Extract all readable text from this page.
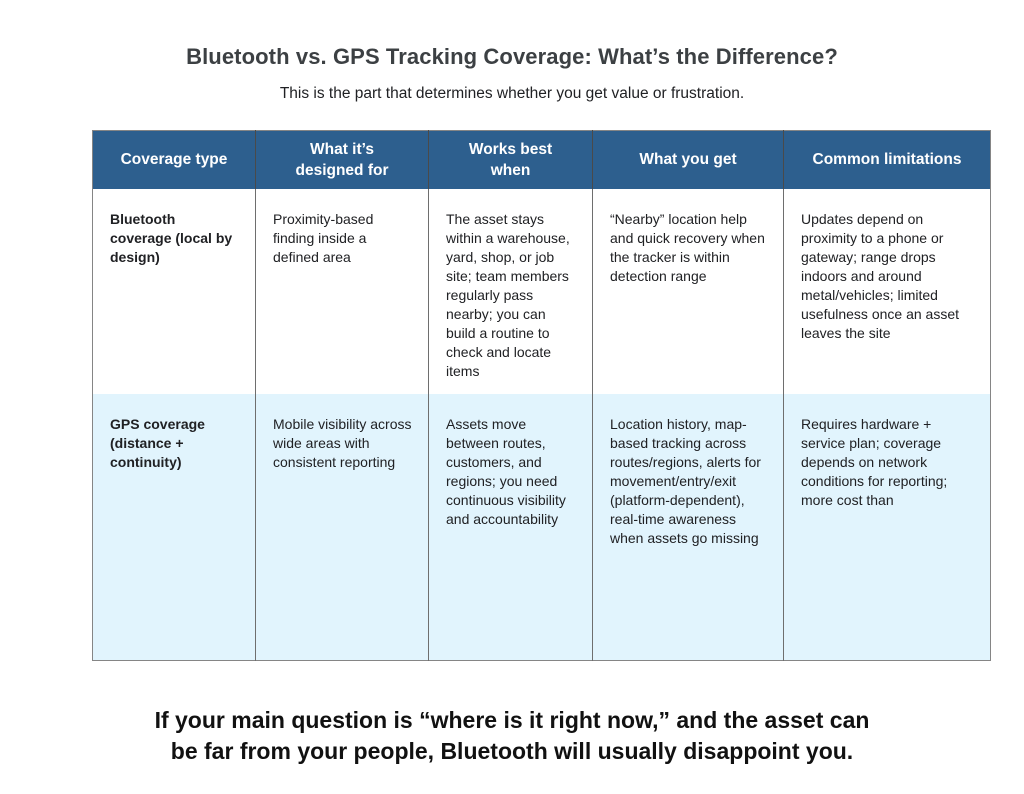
Bluetooth vs. GPS Tracking Coverage: What’s the Difference?

This is the part that determines whether you get value or frustration.

Coverage type	What it’s designed for	Works best when	What you get	Common limitations
Bluetooth coverage (local by design)	Proximity-based finding inside a defined area	The asset stays within a warehouse, yard, shop, or job site; team members regularly pass nearby; you can build a routine to check and locate items	“Nearby” location help and quick recovery when the tracker is within detection range	Updates depend on proximity to a phone or gateway; range drops indoors and around metal/vehicles; limited usefulness once an asset leaves the site
GPS coverage (distance + continuity)	Mobile visibility across wide areas with consistent reporting	Assets move between routes, customers, and regions; you need continuous visibility and accountability	Location history, map-based tracking across routes/regions, alerts for movement/entry/exit (platform-dependent), real-time awareness when assets go missing	Requires hardware + service plan; coverage depends on network conditions for reporting; more cost than

If your main question is “where is it right now,” and the asset can
be far from your people, Bluetooth will usually disappoint you.
